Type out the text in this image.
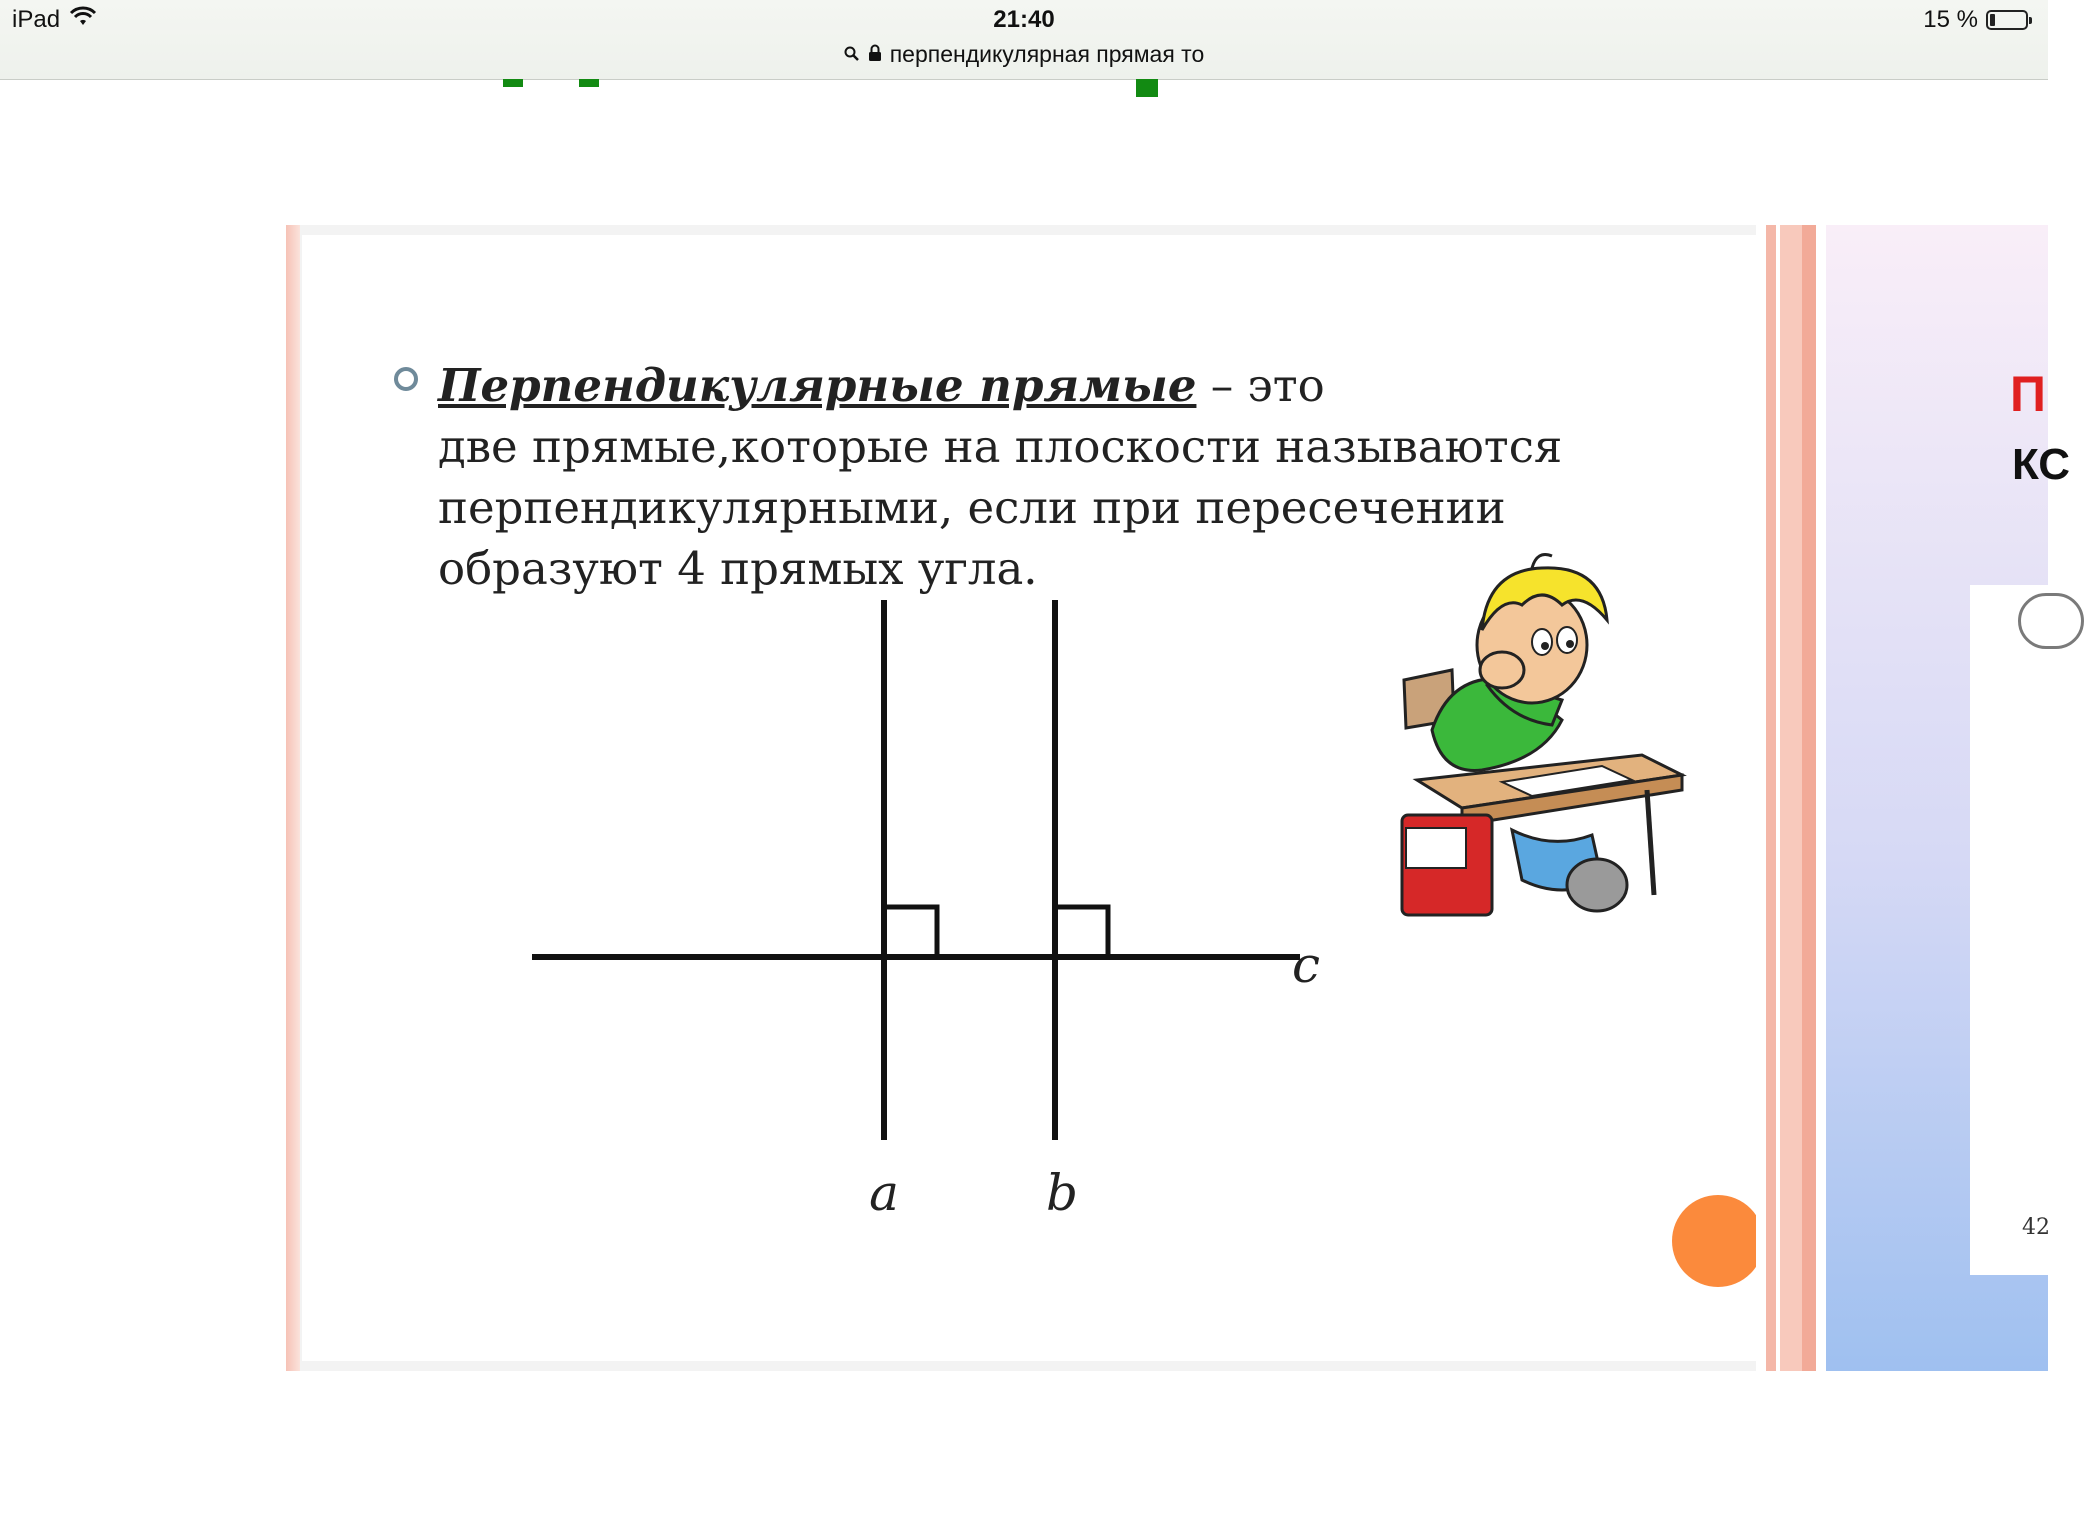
iPad	21:40	15 %
перпендикулярная прямая то
Перпендикулярные прямые – это
две прямые,которые на плоскости называются
перпендикулярными, если при пересечении
образуют 4 прямых угла.
c
a	b
П
КС
42
